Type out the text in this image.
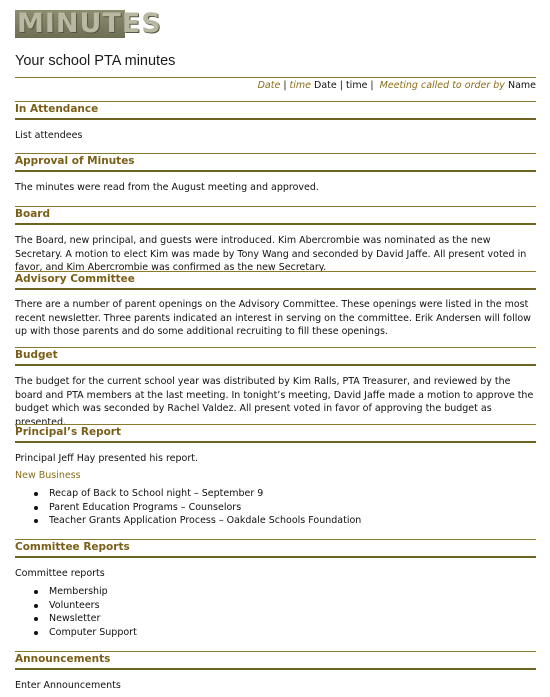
MINUTES
Your school PTA minutes
Date | time Date | time | Meeting called to order by Name
In Attendance
List attendees
Approval of Minutes
The minutes were read from the August meeting and approved.
Board
The Board, new principal, and guests were introduced. Kim Abercrombie was nominated as the new Secretary. A motion to elect Kim was made by Tony Wang and seconded by David Jaffe. All present voted in favor, and Kim Abercrombie was confirmed as the new Secretary.
Advisory Committee
There are a number of parent openings on the Advisory Committee. These openings were listed in the most recent newsletter. Three parents indicated an interest in serving on the committee. Erik Andersen will follow up with those parents and do some additional recruiting to fill these openings.
Budget
The budget for the current school year was distributed by Kim Ralls, PTA Treasurer, and reviewed by the board and PTA members at the last meeting. In tonight’s meeting, David Jaffe made a motion to approve the budget which was seconded by Rachel Valdez. All present voted in favor of approving the budget as presented.
Principal’s Report
Principal Jeff Hay presented his report.
New Business
Recap of Back to School night – September 9
Parent Education Programs – Counselors
Teacher Grants Application Process – Oakdale Schools Foundation
Committee Reports
Committee reports
Membership
Volunteers
Newsletter
Computer Support
Announcements
Enter Announcements
